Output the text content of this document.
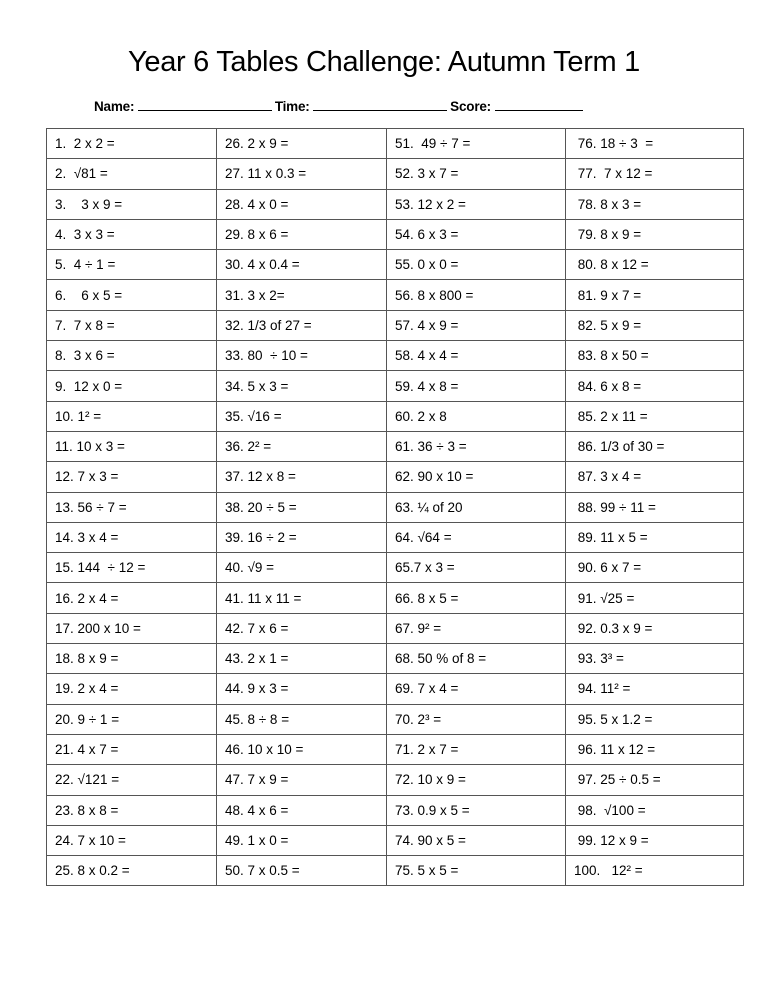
Year 6 Tables Challenge: Autumn Term 1
Name:	Time:	Score:
1.  2 x 2 =	26. 2 x 9 =	51.  49 ÷ 7 =	76. 18 ÷ 3  =
2.  √81 =	27. 11 x 0.3 =	52. 3 x 7 =	77.  7 x 12 =
3.    3 x 9 =	28. 4 x 0 =	53. 12 x 2 =	78. 8 x 3 =
4.  3 x 3 =	29. 8 x 6 =	54. 6 x 3 =	79. 8 x 9 =
5.  4 ÷ 1 =	30. 4 x 0.4 =	55. 0 x 0 =	80. 8 x 12 =
6.    6 x 5 =	31. 3 x 2=	56. 8 x 800 =	81. 9 x 7 =
7.  7 x 8 =	32. 1/3 of 27 =	57. 4 x 9 =	82. 5 x 9 =
8.  3 x 6 =	33. 80  ÷ 10 =	58. 4 x 4 =	83. 8 x 50 =
9.  12 x 0 =	34. 5 x 3 =	59. 4 x 8 =	84. 6 x 8 =
10. 1² =	35. √16 =	60. 2 x 8	85. 2 x 11 =
11. 10 x 3 =	36. 2² =	61. 36 ÷ 3 =	86. 1/3 of 30 =
12. 7 x 3 =	37. 12 x 8 =	62. 90 x 10 =	87. 3 x 4 =
13. 56 ÷ 7 =	38. 20 ÷ 5 =	63. ¼ of 20	88. 99 ÷ 11 =
14. 3 x 4 =	39. 16 ÷ 2 =	64. √64 =	89. 11 x 5 =
15. 144  ÷ 12 =	40. √9 =	65.7 x 3 =	90. 6 x 7 =
16. 2 x 4 =	41. 11 x 11 =	66. 8 x 5 =	91. √25 =
17. 200 x 10 =	42. 7 x 6 =	67. 9² =	92. 0.3 x 9 =
18. 8 x 9 =	43. 2 x 1 =	68. 50 % of 8 =	93. 3³ =
19. 2 x 4 =	44. 9 x 3 =	69. 7 x 4 =	94. 11² =
20. 9 ÷ 1 =	45. 8 ÷ 8 =	70. 2³ =	95. 5 x 1.2 =
21. 4 x 7 =	46. 10 x 10 =	71. 2 x 7 =	96. 11 x 12 =
22. √121 =	47. 7 x 9 =	72. 10 x 9 =	97. 25 ÷ 0.5 =
23. 8 x 8 =	48. 4 x 6 =	73. 0.9 x 5 =	98.  √100 =
24. 7 x 10 =	49. 1 x 0 =	74. 90 x 5 =	99. 12 x 9 =
25. 8 x 0.2 =	50. 7 x 0.5 =	75. 5 x 5 =	100.   12² =
